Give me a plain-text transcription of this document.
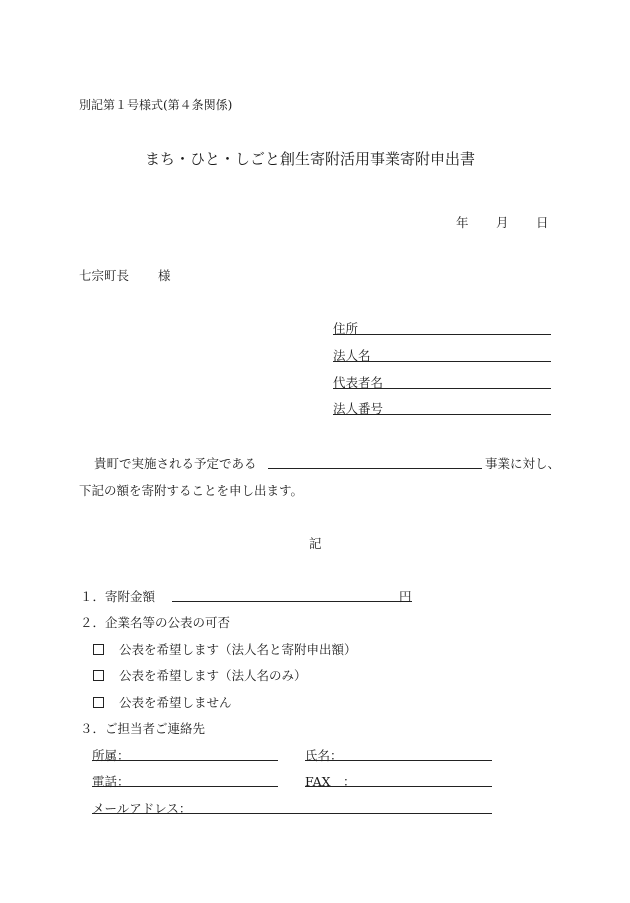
別記第１号様式(第４条関係)
まち・ひと・しごと創生寄附活用事業寄附申出書
年 月 日
七宗町長 様
住所
法人名
代表者名
法人番号
貴町で実施される予定である	事業に対し、
下記の額を寄附することを申し出ます。
記
１．寄附金額	円
２．企業名等の公表の可否
公表を希望します（法人名と寄附申出額）
公表を希望します（法人名のみ）
公表を希望しません
３．ご担当者ご連絡先
所属：	氏名：
電話：	FAX　：
メールアドレス：
